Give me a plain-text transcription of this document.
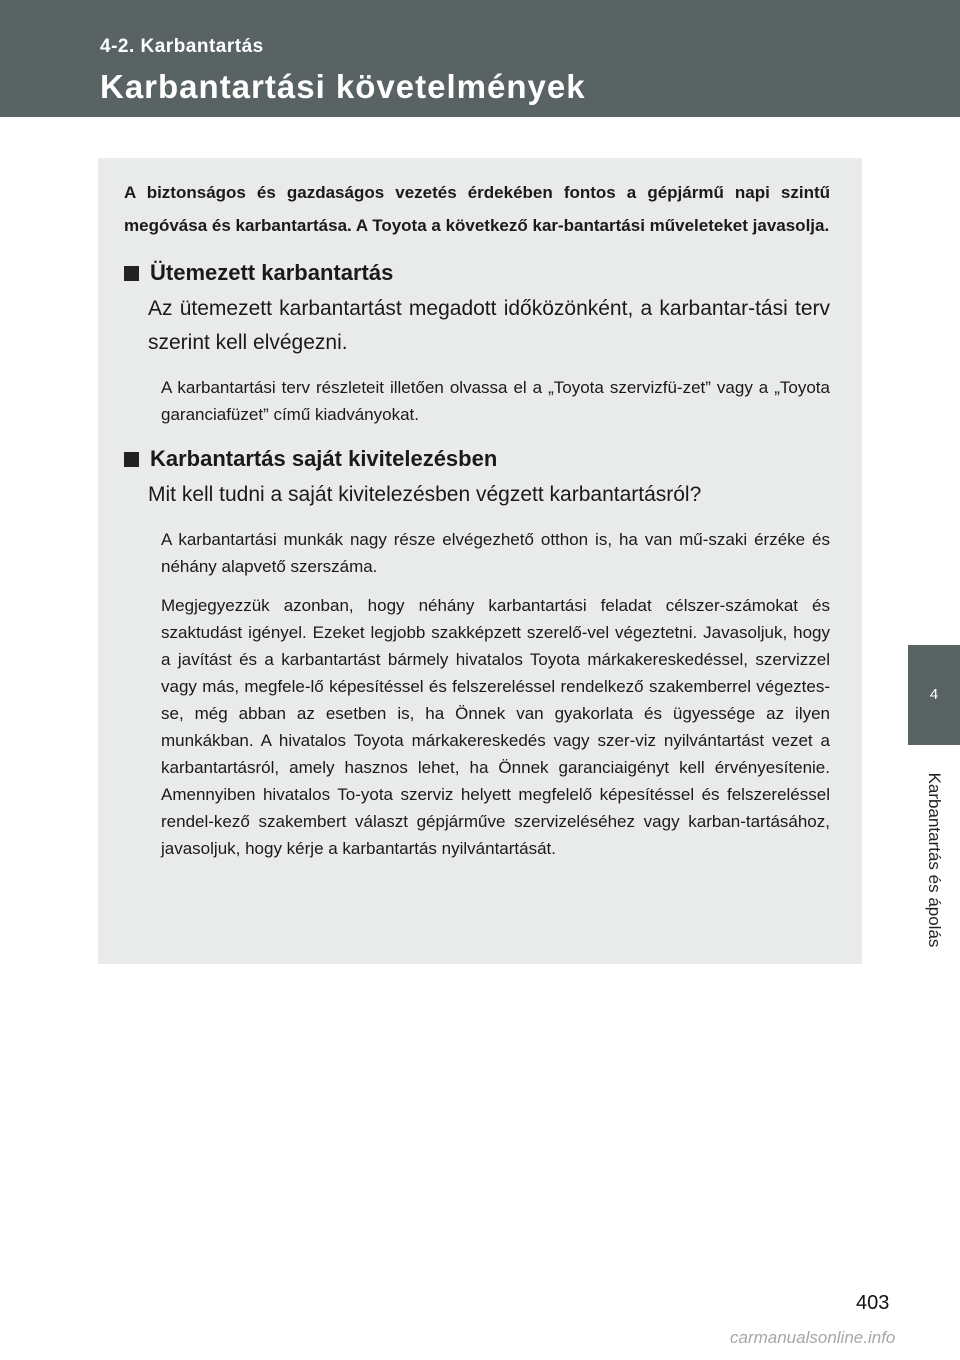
4-2. Karbantartás
Karbantartási követelmények
4
Karbantartás és ápolás

A biztonságos és gazdaságos vezetés érdekében fontos a gépjármű napi szintű megóvása és karbantartása. A Toyota a következő kar-bantartási műveleteket javasolja.

Ütemezett karbantartás

Az ütemezett karbantartást megadott időközönként, a karbantar-tási terv szerint kell elvégezni.

A karbantartási terv részleteit illetően olvassa el a „Toyota szervizfü-zet” vagy a „Toyota garanciafüzet” című kiadványokat.

Karbantartás saját kivitelezésben

Mit kell tudni a saját kivitelezésben végzett karbantartásról?

A karbantartási munkák nagy része elvégezhető otthon is, ha van mű-szaki érzéke és néhány alapvető szerszáma.

Megjegyezzük azonban, hogy néhány karbantartási feladat célszer-számokat és szaktudást igényel. Ezeket legjobb szakképzett szerelő-vel végeztetni. Javasoljuk, hogy a javítást és a karbantartást bármely hivatalos Toyota márkakereskedéssel, szervizzel vagy más, megfele-lő képesítéssel és felszereléssel rendelkező szakemberrel végeztes-se, még abban az esetben is, ha Önnek van gyakorlata és ügyessége az ilyen munkákban. A hivatalos Toyota márkakereskedés vagy szer-viz nyilvántartást vezet a karbantartásról, amely hasznos lehet, ha Önnek garanciaigényt kell érvényesítenie. Amennyiben hivatalos To-yota szerviz helyett megfelelő képesítéssel és felszereléssel rendel-kező szakembert választ gépjárműve szervizeléséhez vagy karban-tartásához, javasoljuk, hogy kérje a karbantartás nyilvántartását.

403
carmanualsonline.info
